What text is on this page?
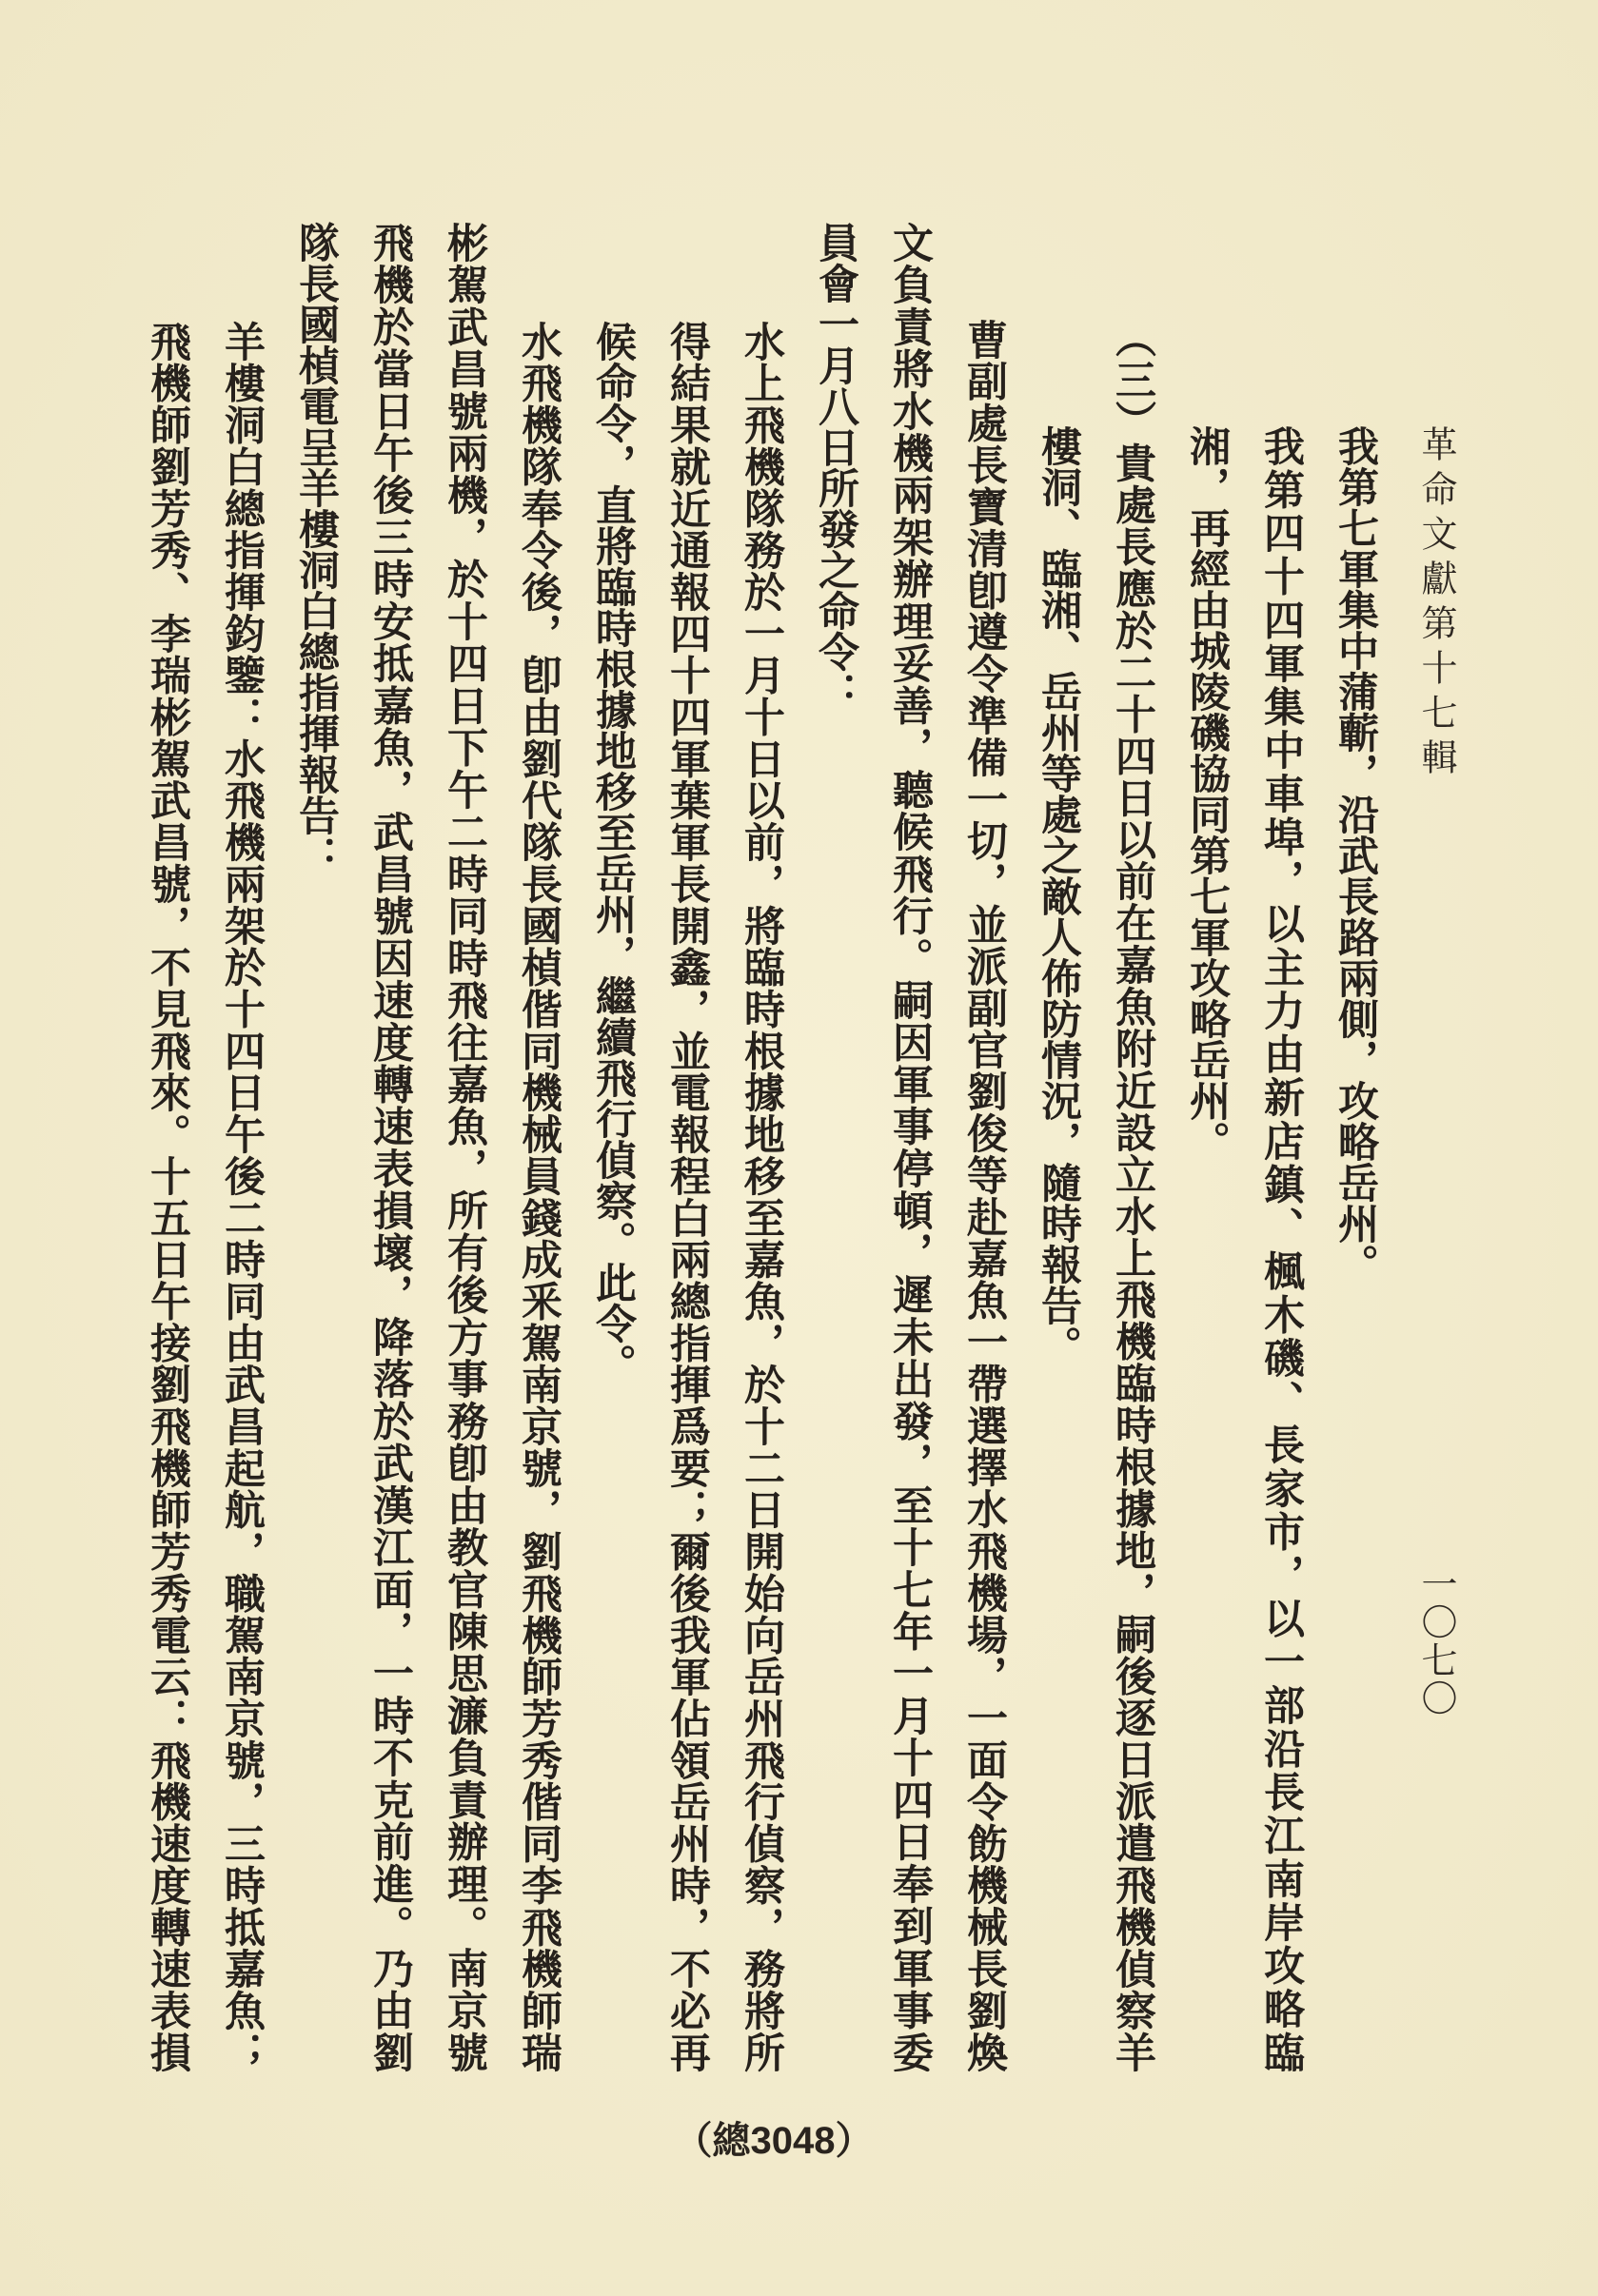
革命文獻第十七輯
一〇七〇
我第七軍集中蒲蘄，沿武長路兩側，攻略岳州。
我第四十四軍集中車埠，以主力由新店鎮、楓木磯、長家市，以一部沿長江南岸攻略臨
湘，再經由城陵磯協同第七軍攻略岳州。
（三）貴處長應於二十四日以前在嘉魚附近設立水上飛機臨時根據地，嗣後逐日派遣飛機偵察羊
樓洞、臨湘、岳州等處之敵人佈防情況，隨時報告。
曹副處長寶清卽遵令準備一切，並派副官劉俊等赴嘉魚一帶選擇水飛機場，一面令飭機械長劉煥
文負責將水機兩架辦理妥善，聽候飛行。嗣因軍事停頓，遲未出發，至十七年一月十四日奉到軍事委
員會一月八日所發之命令：
水上飛機隊務於一月十日以前，將臨時根據地移至嘉魚，於十二日開始向岳州飛行偵察，務將所
得結果就近通報四十四軍葉軍長開鑫，並電報程白兩總指揮爲要；爾後我軍佔領岳州時，不必再
候命令，直將臨時根據地移至岳州，繼續飛行偵察。此令。
水飛機隊奉令後，卽由劉代隊長國楨偕同機械員錢成釆駕南京號，劉飛機師芳秀偕同李飛機師瑞
彬駕武昌號兩機，於十四日下午二時同時飛往嘉魚，所有後方事務卽由教官陳思濂負責辦理。南京號
飛機於當日午後三時安抵嘉魚，武昌號因速度轉速表損壞，降落於武漢江面，一時不克前進。乃由劉
隊長國楨電呈羊樓洞白總指揮報告：
羊樓洞白總指揮鈞鑒：水飛機兩架於十四日午後二時同由武昌起航，職駕南京號，三時抵嘉魚；
飛機師劉芳秀、李瑞彬駕武昌號，不見飛來。十五日午接劉飛機師芳秀電云：飛機速度轉速表損
（總3048）
